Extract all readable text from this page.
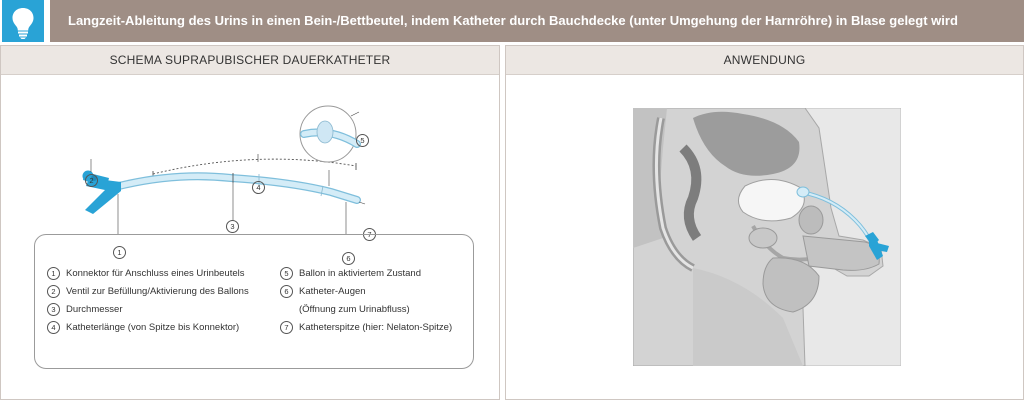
Langzeit-Ableitung des Urins in einen Bein-/Bettbeutel, indem Katheter durch Bauchdecke (unter Umgehung der Harnröhre) in Blase gelegt wird
SCHEMA SUPRAPUBISCHER DAUERKATHETER
2
1
3
4
5
6
7
1 Konnektor für Anschluss eines Urinbeutels
2 Ventil zur Befüllung/Aktivierung des Ballons
3 Durchmesser
4 Katheterlänge (von Spitze bis Konnektor)
5 Ballon in aktiviertem Zustand
6 Katheter-Augen
(Öffnung zum Urinabfluss)
7 Katheterspitze (hier: Nelaton-Spitze)
ANWENDUNG
